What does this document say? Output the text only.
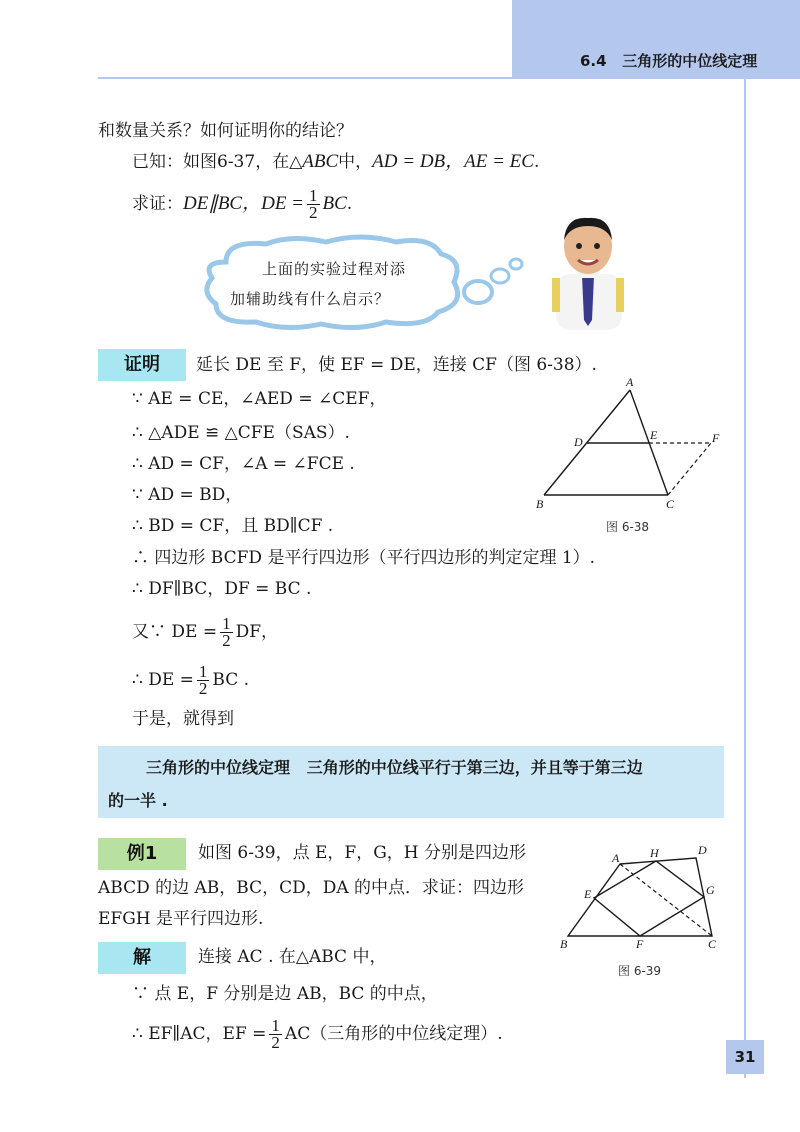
6.4 三角形的中位线定理
和数量关系？如何证明你的结论？
已知：如图6-37，在△ABC中，AD = DB，AE = EC.
求证：DE∥BC，DE = $\frac{1}{2}$ BC.
上面的实验过程对添
加辅助线有什么启示？
证明	延长 DE 至 F，使 EF = DE，连接 CF（图 6-38）.
∵ AE = CE，∠AED = ∠CEF，
∴ △ADE ≌ △CFE（SAS）.
∴ AD = CF，∠A = ∠FCE .
∵ AD = BD，
∴ BD = CF，且 BD∥CF .
∴ 四边形 BCFD 是平行四边形（平行四边形的判定定理 1）.
∴ DF∥BC，DF = BC .
又∵ DE = $\frac{1}{2}$ DF，
∴ DE = $\frac{1}{2}$ BC .
于是，就得到
A
B	C
D	E	F
图 6-38
三角形的中位线定理 三角形的中位线平行于第三边，并且等于第三边
的一半 .
例1	如图 6-39，点 E，F，G，H 分别是四边形
ABCD 的边 AB，BC，CD，DA 的中点．求证：四边形
EFGH 是平行四边形.
解	连接 AC . 在△ABC 中，
∵ 点 E，F 分别是边 AB，BC 的中点，
∴ EF∥AC，EF = $\frac{1}{2} AC$（三角形的中位线定理）.
A
B	C
D
E
F
G
H
图 6-39
31
